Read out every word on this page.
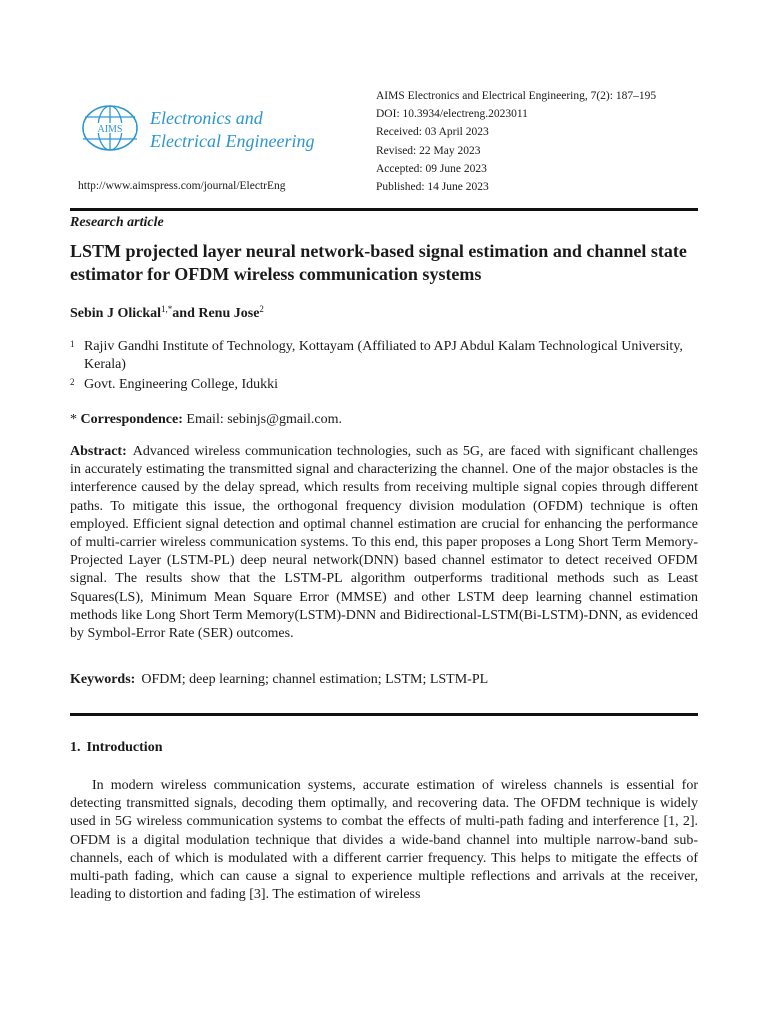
AIMS
Electronics and
Electrical Engineering
http://www.aimspress.com/journal/ElectrEng
AIMS Electronics and Electrical Engineering, 7(2): 187–195
DOI: 10.3934/electreng.2023011
Received: 03 April 2023
Revised: 22 May 2023
Accepted: 09 June 2023
Published: 14 June 2023
Research article
LSTM projected layer neural network-based signal estimation and channel state estimator for OFDM wireless communication systems
Sebin J Olickal$^{1,*}$and Renu Jose$^2$
1 Rajiv Gandhi Institute of Technology, Kottayam (Affiliated to APJ Abdul Kalam Technological University, Kerala)
2 Govt. Engineering College, Idukki
* Correspondence: Email: sebinjs@gmail.com.
Abstract: Advanced wireless communication technologies, such as 5G, are faced with significant challenges in accurately estimating the transmitted signal and characterizing the channel. One of the major obstacles is the interference caused by the delay spread, which results from receiving multiple signal copies through different paths. To mitigate this issue, the orthogonal frequency division modulation (OFDM) technique is often employed. Efficient signal detection and optimal channel estimation are crucial for enhancing the performance of multi-carrier wireless communication systems. To this end, this paper proposes a Long Short Term Memory-Projected Layer (LSTM-PL) deep neural network(DNN) based channel estimator to detect received OFDM signal. The results show that the LSTM-PL algorithm outperforms traditional methods such as Least Squares(LS), Minimum Mean Square Error (MMSE) and other LSTM deep learning channel estimation methods like Long Short Term Memory(LSTM)-DNN and Bidirectional-LSTM(Bi-LSTM)-DNN, as evidenced by Symbol-Error Rate (SER) outcomes.
Keywords: OFDM; deep learning; channel estimation; LSTM; LSTM-PL
1. Introduction
In modern wireless communication systems, accurate estimation of wireless channels is essential for detecting transmitted signals, decoding them optimally, and recovering data. The OFDM technique is widely used in 5G wireless communication systems to combat the effects of multi-path fading and interference [1, 2]. OFDM is a digital modulation technique that divides a wide-band channel into multiple narrow-band sub-channels, each of which is modulated with a different carrier frequency. This helps to mitigate the effects of multi-path fading, which can cause a signal to experience multiple reflections and arrivals at the receiver, leading to distortion and fading [3]. The estimation of wireless
